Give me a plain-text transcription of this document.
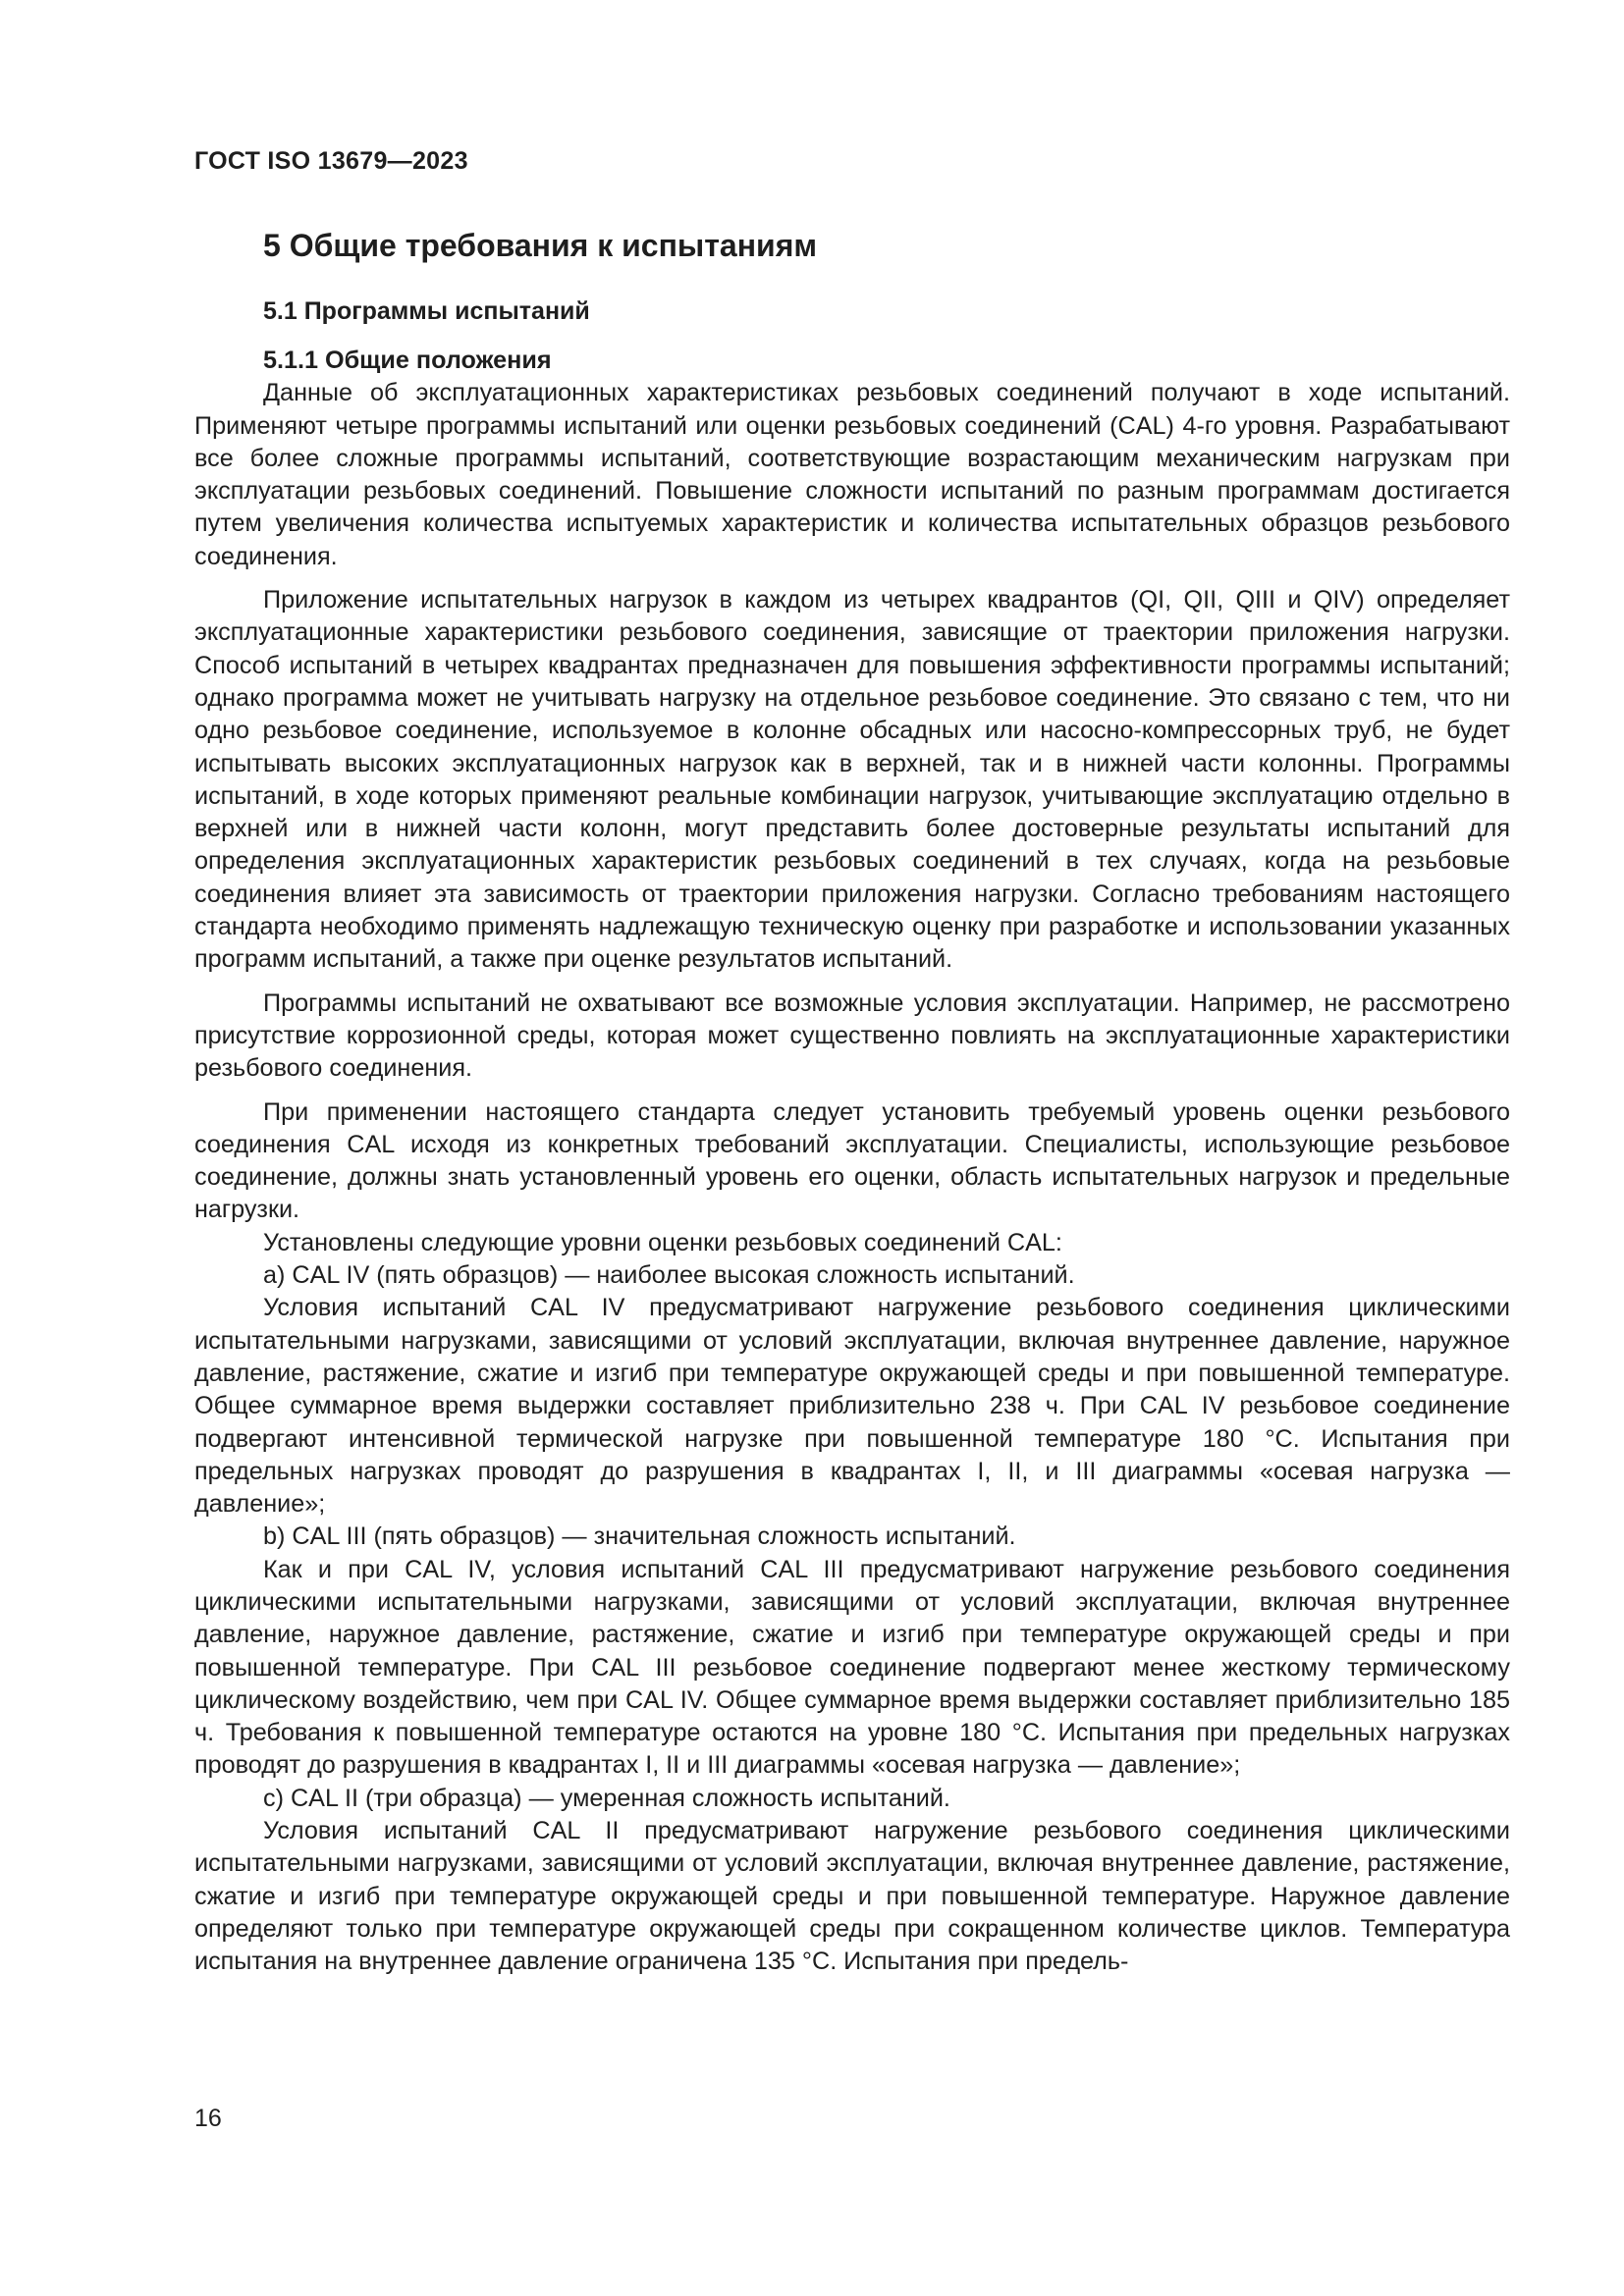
ГОСТ ISO 13679—2023
5 Общие требования к испытаниям
5.1 Программы испытаний

5.1.1 Общие положения

Данные об эксплуатационных характеристиках резьбовых соединений получают в ходе испытаний. Применяют четыре программы испытаний или оценки резьбовых соединений (CAL) 4-го уровня. Разрабатывают все более сложные программы испытаний, соответствующие возрастающим механическим нагрузкам при эксплуатации резьбовых соединений. Повышение сложности испытаний по разным программам достигается путем увеличения количества испытуемых характеристик и количества испытательных образцов резьбового соединения.

Приложение испытательных нагрузок в каждом из четырех квадрантов (QI, QII, QIII и QIV) определяет эксплуатационные характеристики резьбового соединения, зависящие от траектории приложения нагрузки. Способ испытаний в четырех квадрантах предназначен для повышения эффективности программы испытаний; однако программа может не учитывать нагрузку на отдельное резьбовое соединение. Это связано с тем, что ни одно резьбовое соединение, используемое в колонне обсадных или насосно-компрессорных труб, не будет испытывать высоких эксплуатационных нагрузок как в верхней, так и в нижней части колонны. Программы испытаний, в ходе которых применяют реальные комбинации нагрузок, учитывающие эксплуатацию отдельно в верхней или в нижней части колонн, могут представить более достоверные результаты испытаний для определения эксплуатационных характеристик резьбовых соединений в тех случаях, когда на резьбовые соединения влияет эта зависимость от траектории приложения нагрузки. Согласно требованиям настоящего стандарта необходимо применять надлежащую техническую оценку при разработке и использовании указанных программ испытаний, а также при оценке результатов испытаний.

Программы испытаний не охватывают все возможные условия эксплуатации. Например, не рассмотрено присутствие коррозионной среды, которая может существенно повлиять на эксплуатационные характеристики резьбового соединения.

При применении настоящего стандарта следует установить требуемый уровень оценки резьбового соединения CAL исходя из конкретных требований эксплуатации. Специалисты, использующие резьбовое соединение, должны знать установленный уровень его оценки, область испытательных нагрузок и предельные нагрузки.

Установлены следующие уровни оценки резьбовых соединений CAL:

a) CAL IV (пять образцов) — наиболее высокая сложность испытаний.

Условия испытаний CAL IV предусматривают нагружение резьбового соединения циклическими испытательными нагрузками, зависящими от условий эксплуатации, включая внутреннее давление, наружное давление, растяжение, сжатие и изгиб при температуре окружающей среды и при повышенной температуре. Общее суммарное время выдержки составляет приблизительно 238 ч. При CAL IV резьбовое соединение подвергают интенсивной термической нагрузке при повышенной температуре 180 °C. Испытания при предельных нагрузках проводят до разрушения в квадрантах I, II, и III диаграммы «осевая нагрузка — давление»;

b) CAL III (пять образцов) — значительная сложность испытаний.

Как и при CAL IV, условия испытаний CAL III предусматривают нагружение резьбового соединения циклическими испытательными нагрузками, зависящими от условий эксплуатации, включая внутреннее давление, наружное давление, растяжение, сжатие и изгиб при температуре окружающей среды и при повышенной температуре. При CAL III резьбовое соединение подвергают менее жесткому термическому циклическому воздействию, чем при CAL IV. Общее суммарное время выдержки составляет приблизительно 185 ч. Требования к повышенной температуре остаются на уровне 180 °C. Испытания при предельных нагрузках проводят до разрушения в квадрантах I, II и III диаграммы «осевая нагрузка — давление»;

c) CAL II (три образца) — умеренная сложность испытаний.

Условия испытаний CAL II предусматривают нагружение резьбового соединения циклическими испытательными нагрузками, зависящими от условий эксплуатации, включая внутреннее давление, растяжение, сжатие и изгиб при температуре окружающей среды и при повышенной температуре. Наружное давление определяют только при температуре окружающей среды при сокращенном количестве циклов. Температура испытания на внутреннее давление ограничена 135 °C. Испытания при предель-

16
